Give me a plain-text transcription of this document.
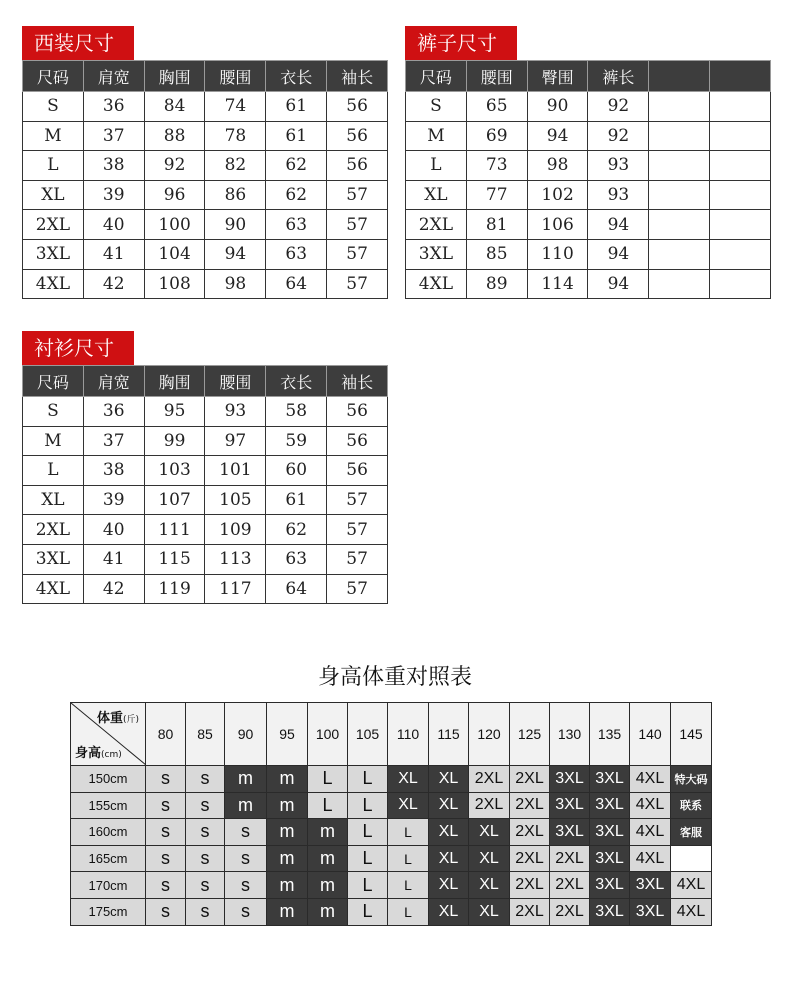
西装尺寸
尺码	肩宽	胸围	腰围	衣长	袖长
S	36	84	74	61	56
M	37	88	78	61	56
L	38	92	82	62	56
XL	39	96	86	62	57
2XL	40	100	90	63	57
3XL	41	104	94	63	57
4XL	42	108	98	64	57
裤子尺寸
尺码	腰围	臀围	裤长		
S	65	90	92		
M	69	94	92		
L	73	98	93		
XL	77	102	93		
2XL	81	106	94		
3XL	85	110	94		
4XL	89	114	94		
衬衫尺寸
尺码	肩宽	胸围	腰围	衣长	袖长
S	36	95	93	58	56
M	37	99	97	59	56
L	38	103	101	60	56
XL	39	107	105	61	57
2XL	40	111	109	62	57
3XL	41	115	113	63	57
4XL	42	119	117	64	57
身高体重对照表
体重(斤)
身高(cm)	80	85	90	95	100	105	110	115	120	125	130	135	140	145
150cm	s	s	m	m	L	L	XL	XL	2XL	2XL	3XL	3XL	4XL	特大码
155cm	s	s	m	m	L	L	XL	XL	2XL	2XL	3XL	3XL	4XL	联系
160cm	s	s	s	m	m	L	L	XL	XL	2XL	3XL	3XL	4XL	客服
165cm	s	s	s	m	m	L	L	XL	XL	2XL	2XL	3XL	4XL	
170cm	s	s	s	m	m	L	L	XL	XL	2XL	2XL	3XL	3XL	4XL
175cm	s	s	s	m	m	L	L	XL	XL	2XL	2XL	3XL	3XL	4XL
